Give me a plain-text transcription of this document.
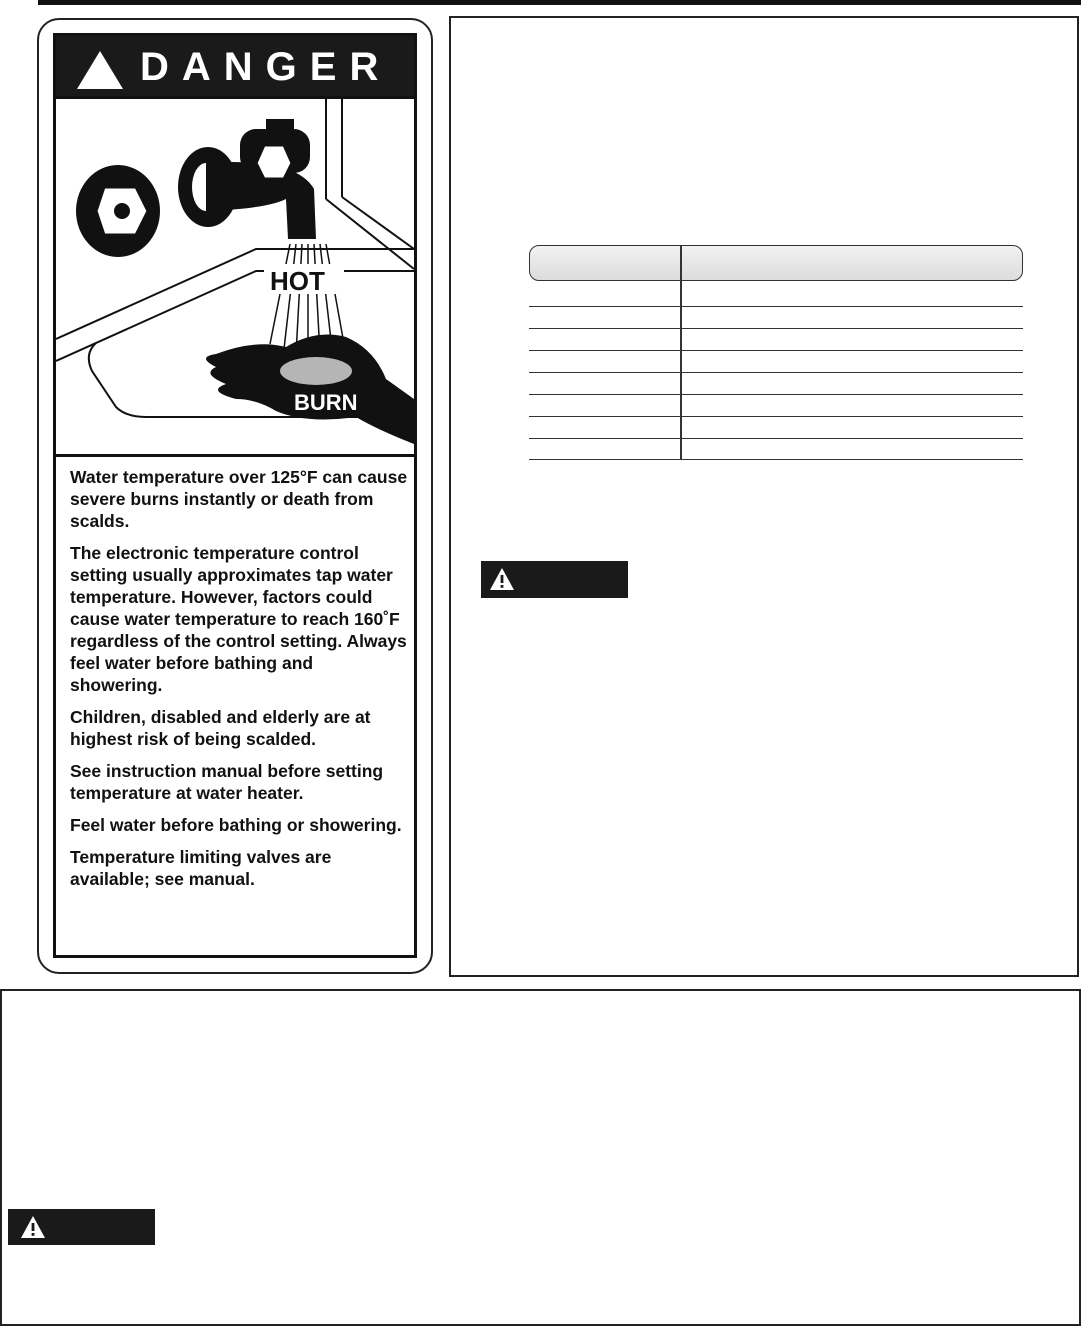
DANGER
HOT
BURN

Water temperature over 125°F can cause severe burns instantly or death from scalds.

The electronic temperature control setting usually approximates tap water temperature. However, factors could cause water temperature to reach 160˚F regardless of the control setting. Always feel water before bathing and showering.

Children, disabled and elderly are at highest risk of being scalded.

See instruction manual before setting temperature at water heater.

Feel water before bathing or showering.

Temperature limiting valves are available; see manual.
